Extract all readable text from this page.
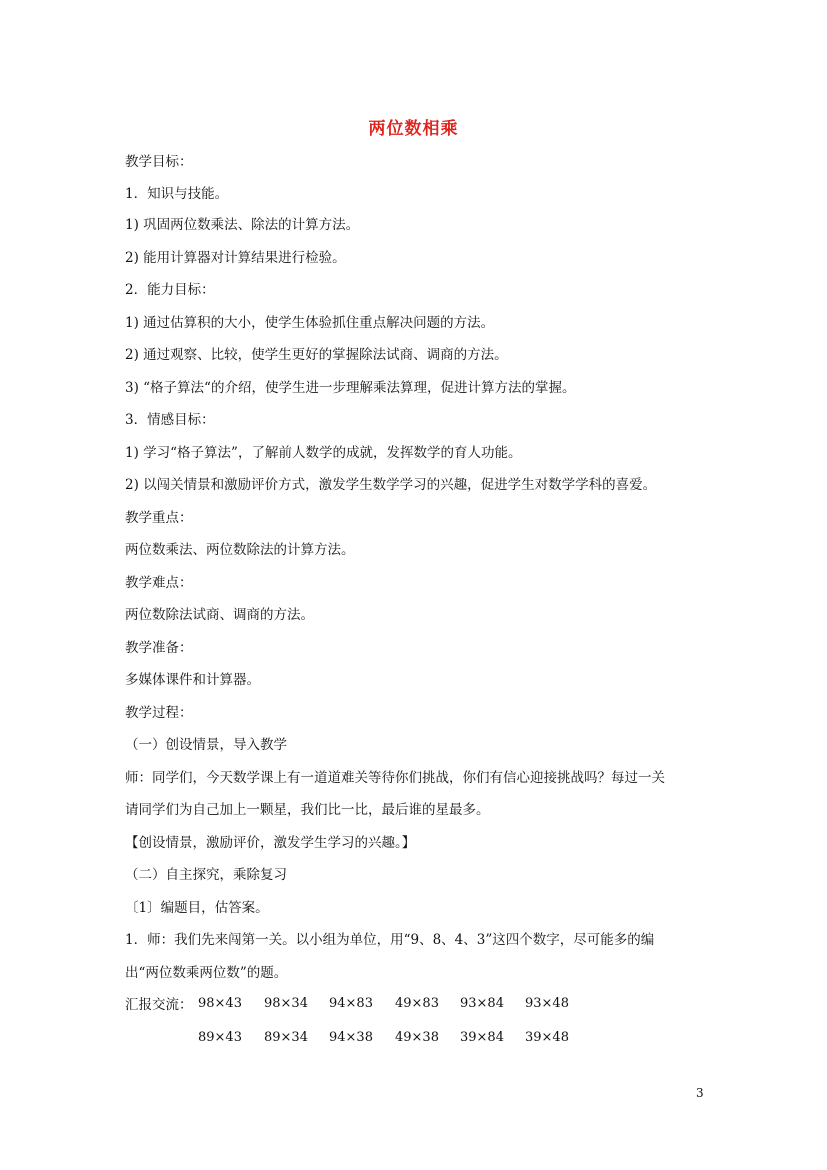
两位数相乘
教学目标：
1．知识与技能。
1) 巩固两位数乘法、除法的计算方法。
2) 能用计算器对计算结果进行检验。
2．能力目标：
1) 通过估算积的大小，使学生体验抓住重点解决问题的方法。
2) 通过观察、比较，使学生更好的掌握除法试商、调商的方法。
3) “格子算法“的介绍，使学生进一步理解乘法算理，促进计算方法的掌握。
3．情感目标：
1) 学习“格子算法”，了解前人数学的成就，发挥数学的育人功能。
2) 以闯关情景和激励评价方式，激发学生数学学习的兴趣，促进学生对数学学科的喜爱。
教学重点：
两位数乘法、两位数除法的计算方法。
教学难点：
两位数除法试商、调商的方法。
教学准备：
多媒体课件和计算器。
教学过程：
（一）创设情景，导入教学
师：同学们，今天数学课上有一道道难关等待你们挑战，你们有信心迎接挑战吗？每过一关
请同学们为自己加上一颗星，我们比一比，最后谁的星最多。
【创设情景，激励评价，激发学生学习的兴趣。】
（二）自主探究，乘除复习
〔1〕编题目，估答案。
1．师：我们先来闯第一关。以小组为单位，用“9、8、4、3”这四个数字，尽可能多的编
出“两位数乘两位数”的题。
汇报交流： 98×43 98×34 94×83 49×83 93×84 93×48
89×43 89×34 94×38 49×38 39×84 39×48
3
